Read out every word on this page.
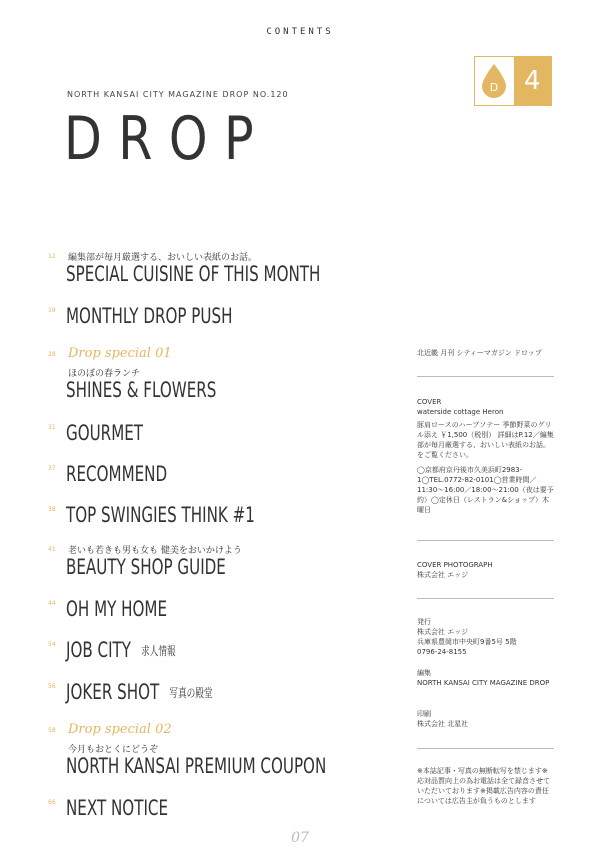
CONTENTS
D 4
NORTH KANSAI CITY MAGAZINE DROP NO.120
DROP
12 編集部が毎月厳選する、おいしい表紙のお話。
SPECIAL CUISINE OF THIS MONTH
19 MONTHLY DROP PUSH
28 Drop special 01
ほのぼの春ランチ
SHINES & FLOWERS
31 GOURMET
37 RECOMMEND
38 TOP SWINGIES THINK #1
41 老いも若きも男も女も 健美をおいかけよう
BEAUTY SHOP GUIDE
44 OH MY HOME
54 JOB CITY 求人情報
56 JOKER SHOT 写真の殿堂
58 Drop special 02
今月もおとくにどうぞ
NORTH KANSAI PREMIUM COUPON
66 NEXT NOTICE
北近畿 月刊 シティーマガジン ドロップ
COVER
waterside cottage Heron
豚肩ロースのハーブソテー 季節野菜のグリル添え ￥1,500（税別） 詳細はP.12／編集部が毎月厳選する、おいしい表紙のお話。をご覧ください。
◯京都府京丹後市久美浜町2983-1◯TEL.0772-82-0101◯営業時間／11:30〜16:00／18:00〜21:00（夜は要予約）◯定休日（レストラン&ショップ）木曜日
COVER PHOTOGRAPH
株式会社 エッジ
発行
株式会社 エッジ
兵庫県豊岡市中央町9番5号 5階
0796-24-8155
編集
NORTH KANSAI CITY MAGAZINE DROP
印刷
株式会社 北星社
※本誌記事・写真の無断転写を禁じます※応対品質向上の為お電話は全て録音させていただいております※掲載広告内容の責任については広告主が負うものとします
07
